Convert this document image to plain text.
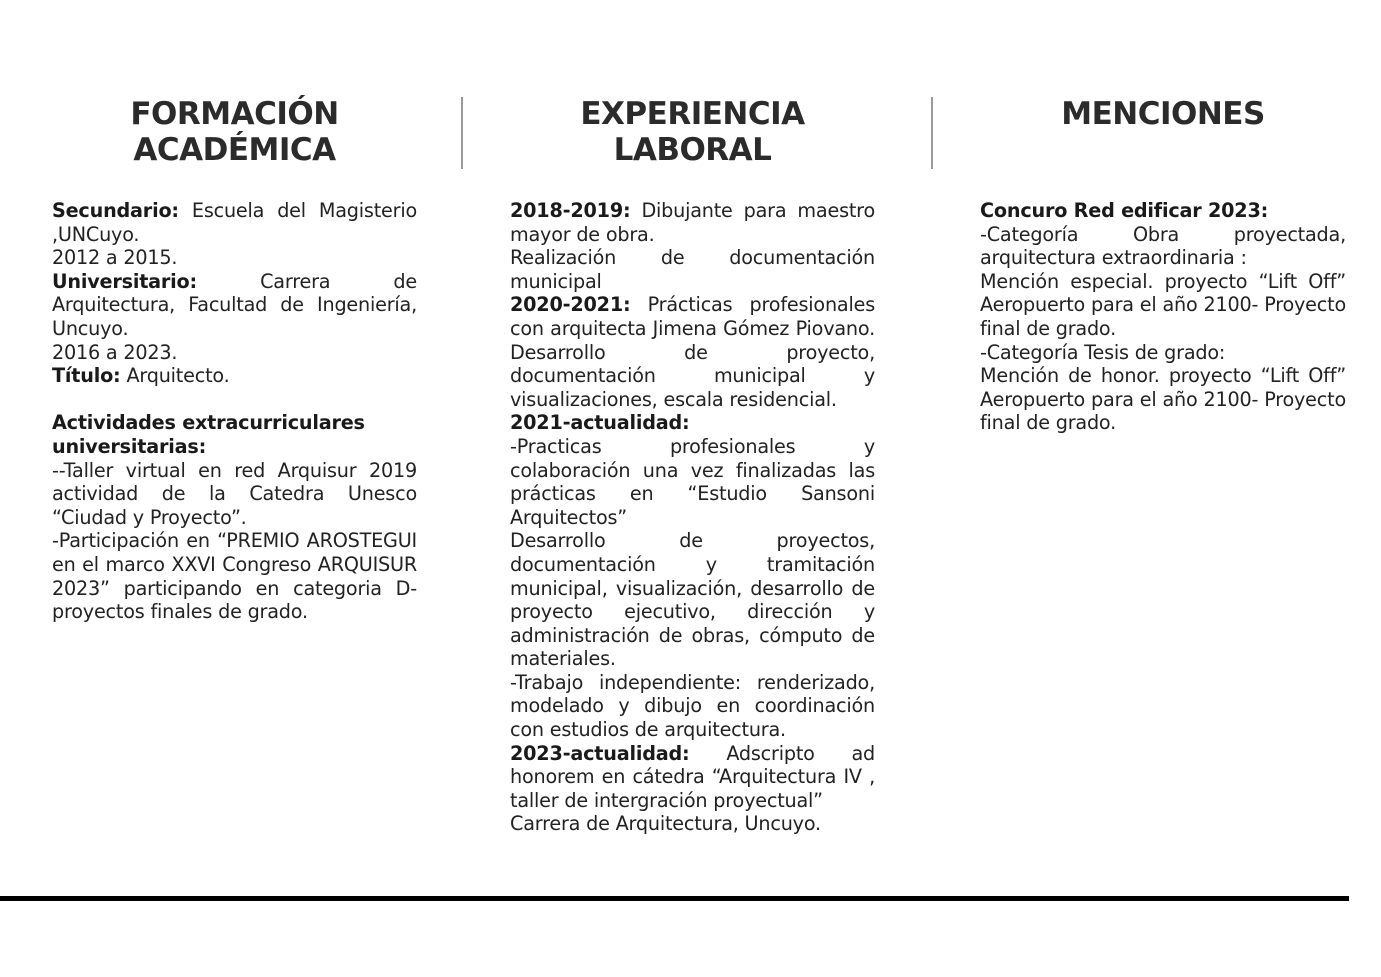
FORMACIÓN
ACADÉMICA
EXPERIENCIA
LABORAL
MENCIONES

Secundario: Escuela del Magisterio ,UNCuyo.

2012 a 2015.

Universitario:	Carrera de Arquitectura, Facultad de Ingeniería, Uncuyo.

2016 a 2023.

Título: Arquitecto.

Actividades extracurriculares universitarias:

--Taller virtual en red Arquisur 2019 actividad de la Catedra Unesco “Ciudad y Proyecto”.

-Participación en “PREMIO AROSTEGUI en el marco XXVI Congreso ARQUISUR 2023” participando en categoria D-proyectos finales de grado.

2018-2019: Dibujante para maestro mayor de obra.

Realización de documentación municipal

2020-2021: Prácticas profesionales con arquitecta Jimena Gómez Piovano. Desarrollo de proyecto, documentación municipal y visualizaciones, escala residencial.

2021-actualidad:

-Practicas profesionales y colaboración una vez finalizadas las prácticas en “Estudio Sansoni Arquitectos”

Desarrollo de proyectos, documentación y tramitación municipal, visualización, desarrollo de proyecto ejecutivo, dirección y administración de obras, cómputo de materiales.

-Trabajo independiente: renderizado, modelado y dibujo en coordinación con estudios de arquitectura.

2023-actualidad: Adscripto ad honorem en cátedra “Arquitectura IV , taller de intergración proyectual”

Carrera de Arquitectura, Uncuyo.

Concuro Red edificar 2023:

-Categoría Obra proyectada, arquitectura extraordinaria :

Mención especial. proyecto “Lift Off” Aeropuerto para el año 2100- Proyecto final de grado.

-Categoría Tesis de grado:

Mención de honor. proyecto “Lift Off” Aeropuerto para el año 2100- Proyecto final de grado.
